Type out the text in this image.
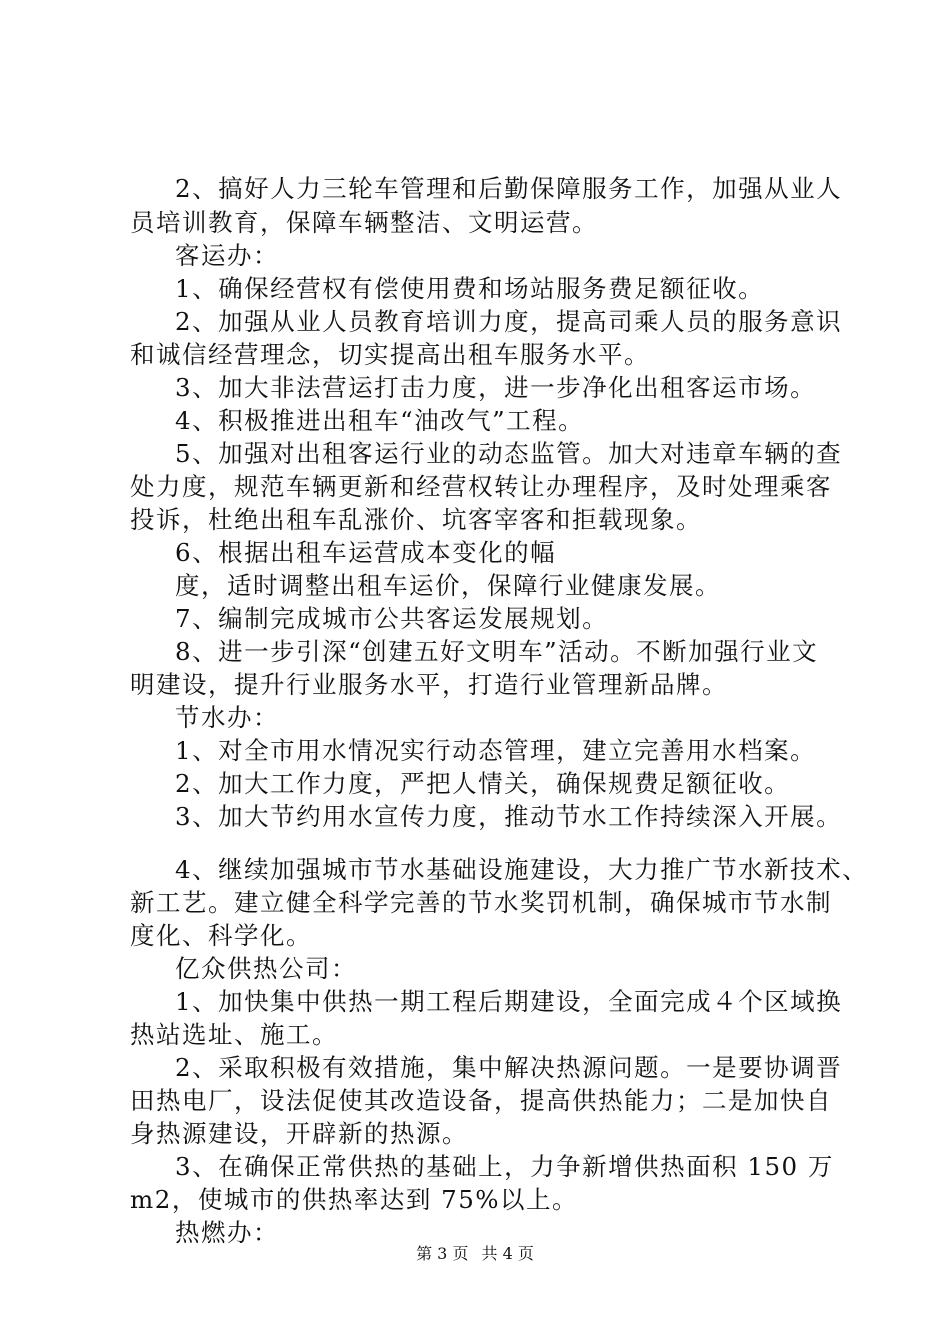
2、搞好人力三轮车管理和后勤保障服务工作，加强从业人
员培训教育，保障车辆整洁、文明运营。
客运办：
1、确保经营权有偿使用费和场站服务费足额征收。
2、加强从业人员教育培训力度，提高司乘人员的服务意识
和诚信经营理念，切实提高出租车服务水平。
3、加大非法营运打击力度，进一步净化出租客运市场。
4、积极推进出租车“油改气”工程。
5、加强对出租客运行业的动态监管。加大对违章车辆的查
处力度，规范车辆更新和经营权转让办理程序，及时处理乘客
投诉，杜绝出租车乱涨价、坑客宰客和拒载现象。
6、根据出租车运营成本变化的幅
度，适时调整出租车运价，保障行业健康发展。
7、编制完成城市公共客运发展规划。
8、进一步引深“创建五好文明车”活动。不断加强行业文
明建设，提升行业服务水平，打造行业管理新品牌。
节水办：
1、对全市用水情况实行动态管理，建立完善用水档案。
2、加大工作力度，严把人情关，确保规费足额征收。
3、加大节约用水宣传力度，推动节水工作持续深入开展。
4、继续加强城市节水基础设施建设，大力推广节水新技术、
新工艺。建立健全科学完善的节水奖罚机制，确保城市节水制
度化、科学化。
亿众供热公司：
1、加快集中供热一期工程后期建设，全面完成４个区域换
热站选址、施工。
2、采取积极有效措施，集中解决热源问题。一是要协调晋
田热电厂，设法促使其改造设备，提高供热能力；二是加快自
身热源建设，开辟新的热源。
3、在确保正常供热的基础上，力争新增供热面积 150 万
m2，使城市的供热率达到 75%以上。
热燃办：
第 3 页 共 4 页
